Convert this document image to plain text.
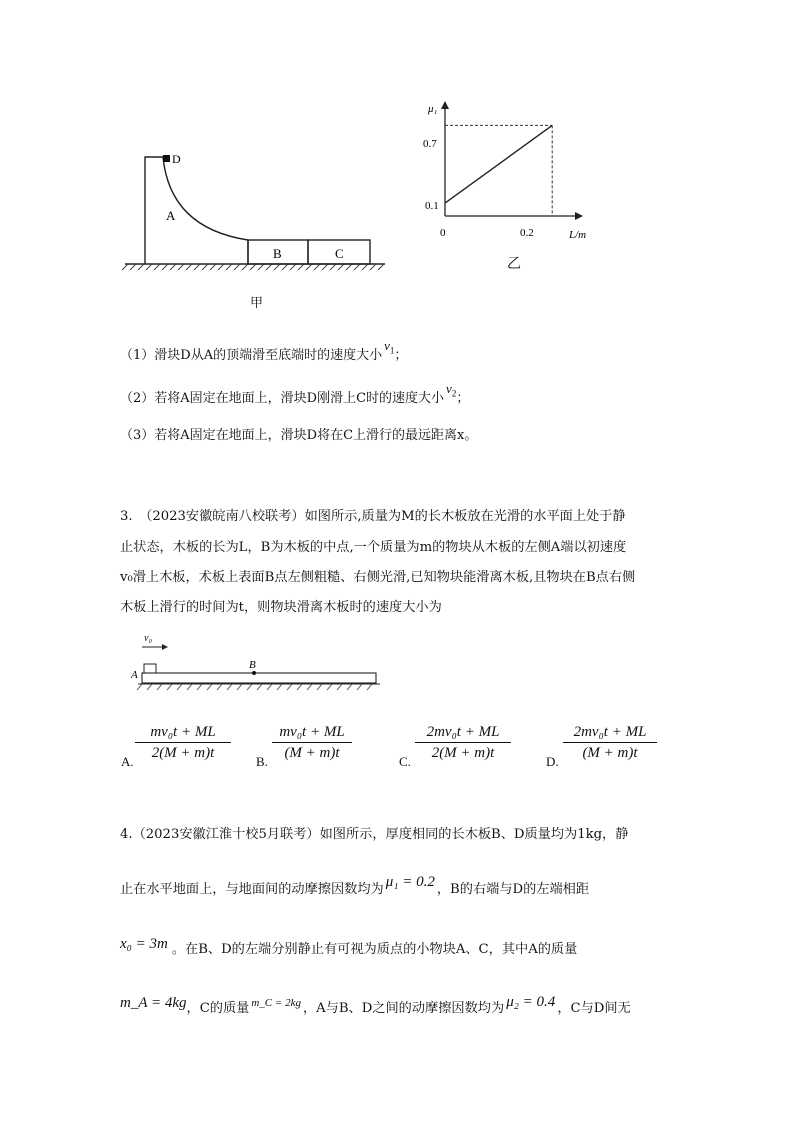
D
A
B	C
甲
μ₁
L/m
0
0.7
0.1
0.2
乙
（1）滑块D从A的顶端滑至底端时的速度大小$v_1$；
（2）若将A固定在地面上，滑块D刚滑上C时的速度大小$v_2$；
（3）若将A固定在地面上，滑块D将在C上滑行的最远距离x。
3.　（2023安徽皖南八校联考）如图所示,质量为M的长木板放在光滑的水平面上处于静
止状态，木板的长为L，B为木板的中点,一个质量为m的物块从木板的左侧A端以初速度
v₀滑上木板，术板上表面B点左侧粗糙、右侧光滑,已知物块能滑离木板,且物块在B点右侧
木板上滑行的时间为t，则物块滑离木板时的速度大小为
v₀
A
B
A.
mv₀t + ML
2(M + m)t
B.
mv₀t + ML
(M + m)t
C.
2mv₀t + ML
2(M + m)t
D.
2mv₀t + ML
(M + m)t
4.（2023安徽江淮十校5月联考）如图所示，厚度相同的长木板B、D质量均为1kg，静
止在水平地面上，与地面间的动摩擦因数均为 μ₁ = 0.2 ，B的右端与D的左端相距
x₀ = 3m 。在B、D的左端分别静止有可视为质点的小物块A、C，其中A的质量
m_A = 4kg，C的质量 $^{m\_C = 2kg}$ ，A与B、D之间的动摩擦因数均为 μ₂ = 0.4 ，C与D间无
